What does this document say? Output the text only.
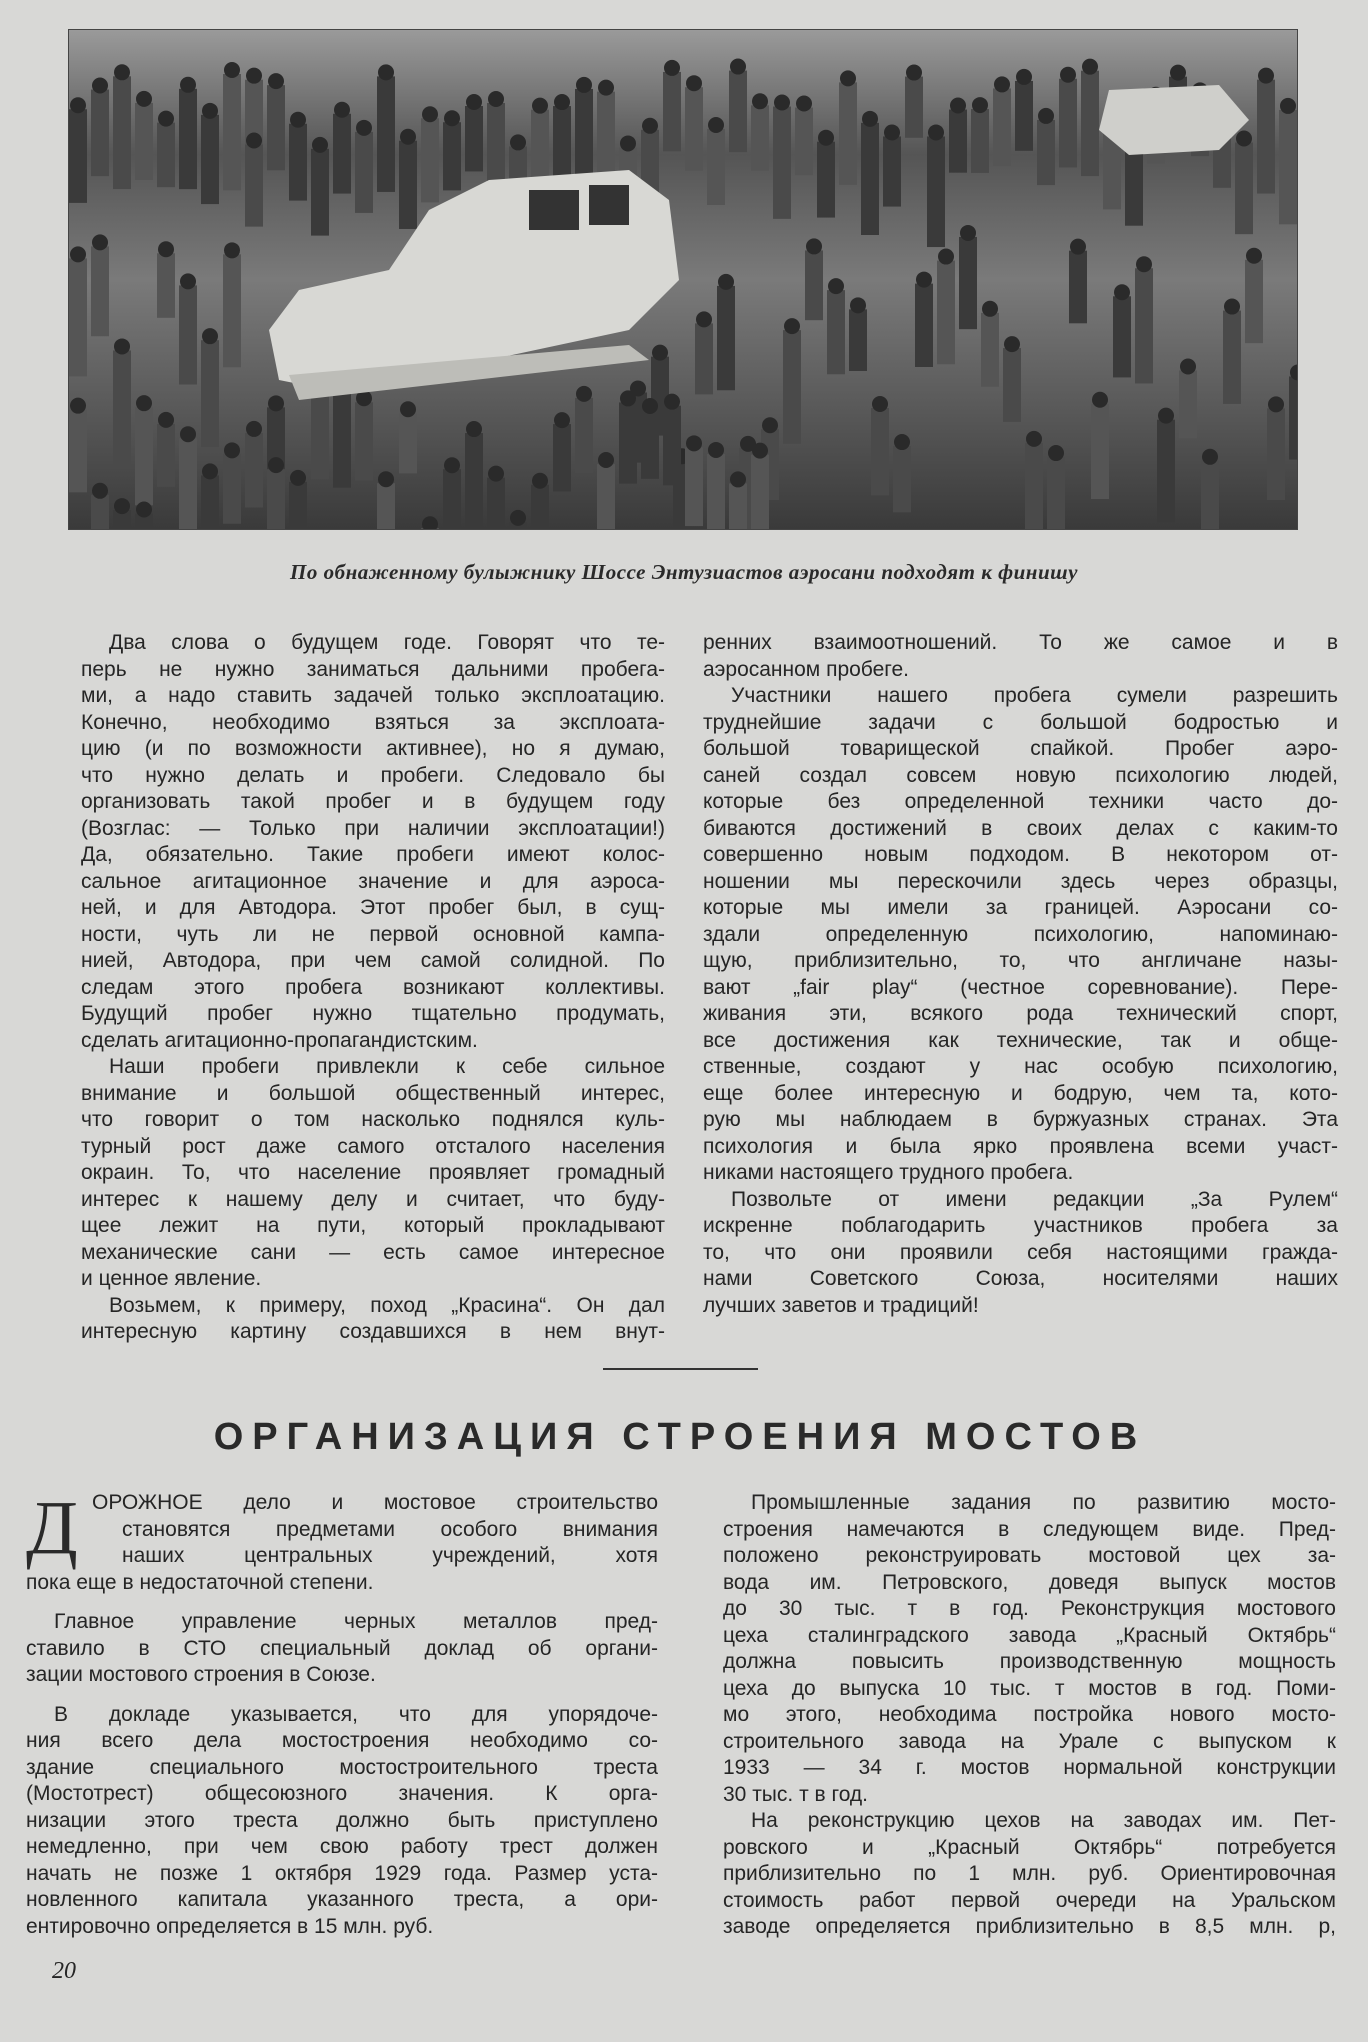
По обнаженному булыжнику Шоссе Энтузиастов аэросани подходят к финишу
Два слова о будущем годе. Говорят что те-
перь не нужно заниматься дальними пробега-
ми, а надо ставить задачей только эксплоатацию.
Конечно, необходимо взяться за эксплоата-
цию (и по возможности активнее), но я думаю,
что нужно делать и пробеги. Следовало бы
организовать такой пробег и в будущем году
(Возглас: — Только при наличии эксплоатации!)
Да, обязательно. Такие пробеги имеют колос-
сальное агитационное значение и для аэроса-
ней, и для Автодора. Этот пробег был, в сущ-
ности, чуть ли не первой основной кампа-
нией, Автодора, при чем самой солидной. По
следам этого пробега возникают коллективы.
Будущий пробег нужно тщательно продумать,
сделать агитационно-пропагандистским.
Наши пробеги привлекли к себе сильное
внимание и большой общественный интерес,
что говорит о том насколько поднялся куль-
турный рост даже самого отсталого населения
окраин. То, что население проявляет громадный
интерес к нашему делу и считает, что буду-
щее лежит на пути, который прокладывают
механические сани — есть самое интересное
и ценное явление.
Возьмем, к примеру, поход „Красина“. Он дал
интересную картину создавшихся в нем внут-
ренних взаимоотношений. То же самое и в
аэросанном пробеге.
Участники нашего пробега сумели разрешить
труднейшие задачи с большой бодростью и
большой товарищеской спайкой. Пробег аэро-
саней создал совсем новую психологию людей,
которые без определенной техники часто до-
биваются достижений в своих делах с каким-то
совершенно новым подходом. В некотором от-
ношении мы перескочили здесь через образцы,
которые мы имели за границей. Аэросани со-
здали определенную психологию, напоминаю-
щую, приблизительно, то, что англичане назы-
вают „fair play“ (честное соревнование). Пере-
живания эти, всякого рода технический спорт,
все достижения как технические, так и обще-
ственные, создают у нас особую психологию,
еще более интересную и бодрую, чем та, кото-
рую мы наблюдаем в буржуазных странах. Эта
психология и была ярко проявлена всеми участ-
никами настоящего трудного пробега.
Позвольте от имени редакции „За Рулем“
искренне поблагодарить участников пробега за
то, что они проявили себя настоящими гражда-
нами Советского Союза, носителями наших
лучших заветов и традиций!
ОРГАНИЗАЦИЯ СТРОЕНИЯ МОСТОВ
Д ОРОЖНОЕ дело и мостовое строительство
становятся предметами особого внимания
наших центральных учреждений, хотя
пока еще в недостаточной степени.
Главное управление черных металлов пред-
ставило в СТО специальный доклад об органи-
зации мостового строения в Союзе.
В докладе указывается, что для упорядоче-
ния всего дела мостостроения необходимо со-
здание специального мостостроительного треста
(Мостотрест) общесоюзного значения. К орга-
низации этого треста должно быть приступлено
немедленно, при чем свою работу трест должен
начать не позже 1 октября 1929 года. Размер уста-
новленного капитала указанного треста, а ори-
ентировочно определяется в 15 млн. руб.
Промышленные задания по развитию мосто-
строения намечаются в следующем виде. Пред-
положено реконструировать мостовой цех за-
вода им. Петровского, доведя выпуск мостов
до 30 тыс. т в год. Реконструкция мостового
цеха сталинградского завода „Красный Октябрь“
должна повысить производственную мощность
цеха до выпуска 10 тыс. т мостов в год. Поми-
мо этого, необходима постройка нового мосто-
строительного завода на Урале с выпуском к
1933 — 34 г. мостов нормальной конструкции
30 тыс. т в год.
На реконструкцию цехов на заводах им. Пет-
ровского и „Красный Октябрь“ потребуется
приблизительно по 1 млн. руб. Ориентировочная
стоимость работ первой очереди на Уральском
заводе определяется приблизительно в 8,5 млн. р,
20
